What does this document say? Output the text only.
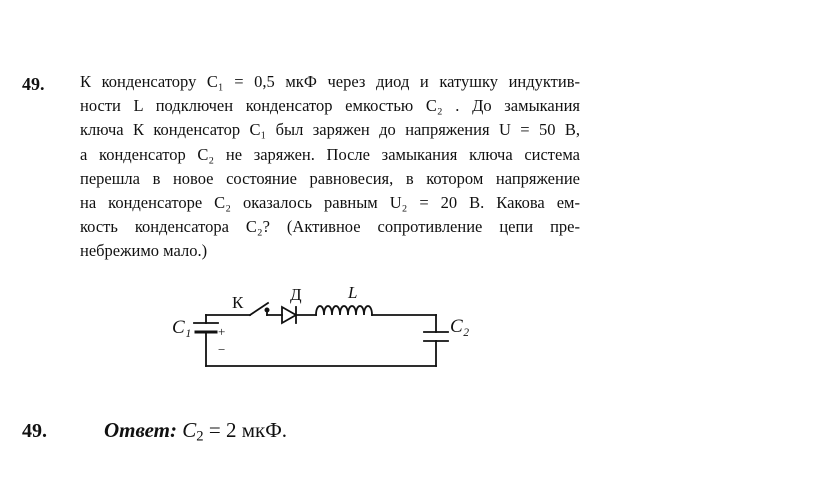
49. К конденсатору C₁ = 0,5 мкФ через диод и катушку индуктив-
ности L подключен конденсатор емкостью C₂ . До замыкания
ключа К конденсатор C₁ был заряжен до напряжения U = 50 В,
а конденсатор C₂ не заряжен. После замыкания ключа система
перешла в новое состояние равновесия, в котором напряжение
на конденсаторе C₂ оказалось равным U₂ = 20 В. Какова ем-
кость конденсатора C₂? (Активное сопротивление цепи пре-
небрежимо мало.)
C₁ +
−
К	Д	L
C₂
49.	Ответ: $C_2 = 2$ мкФ.
